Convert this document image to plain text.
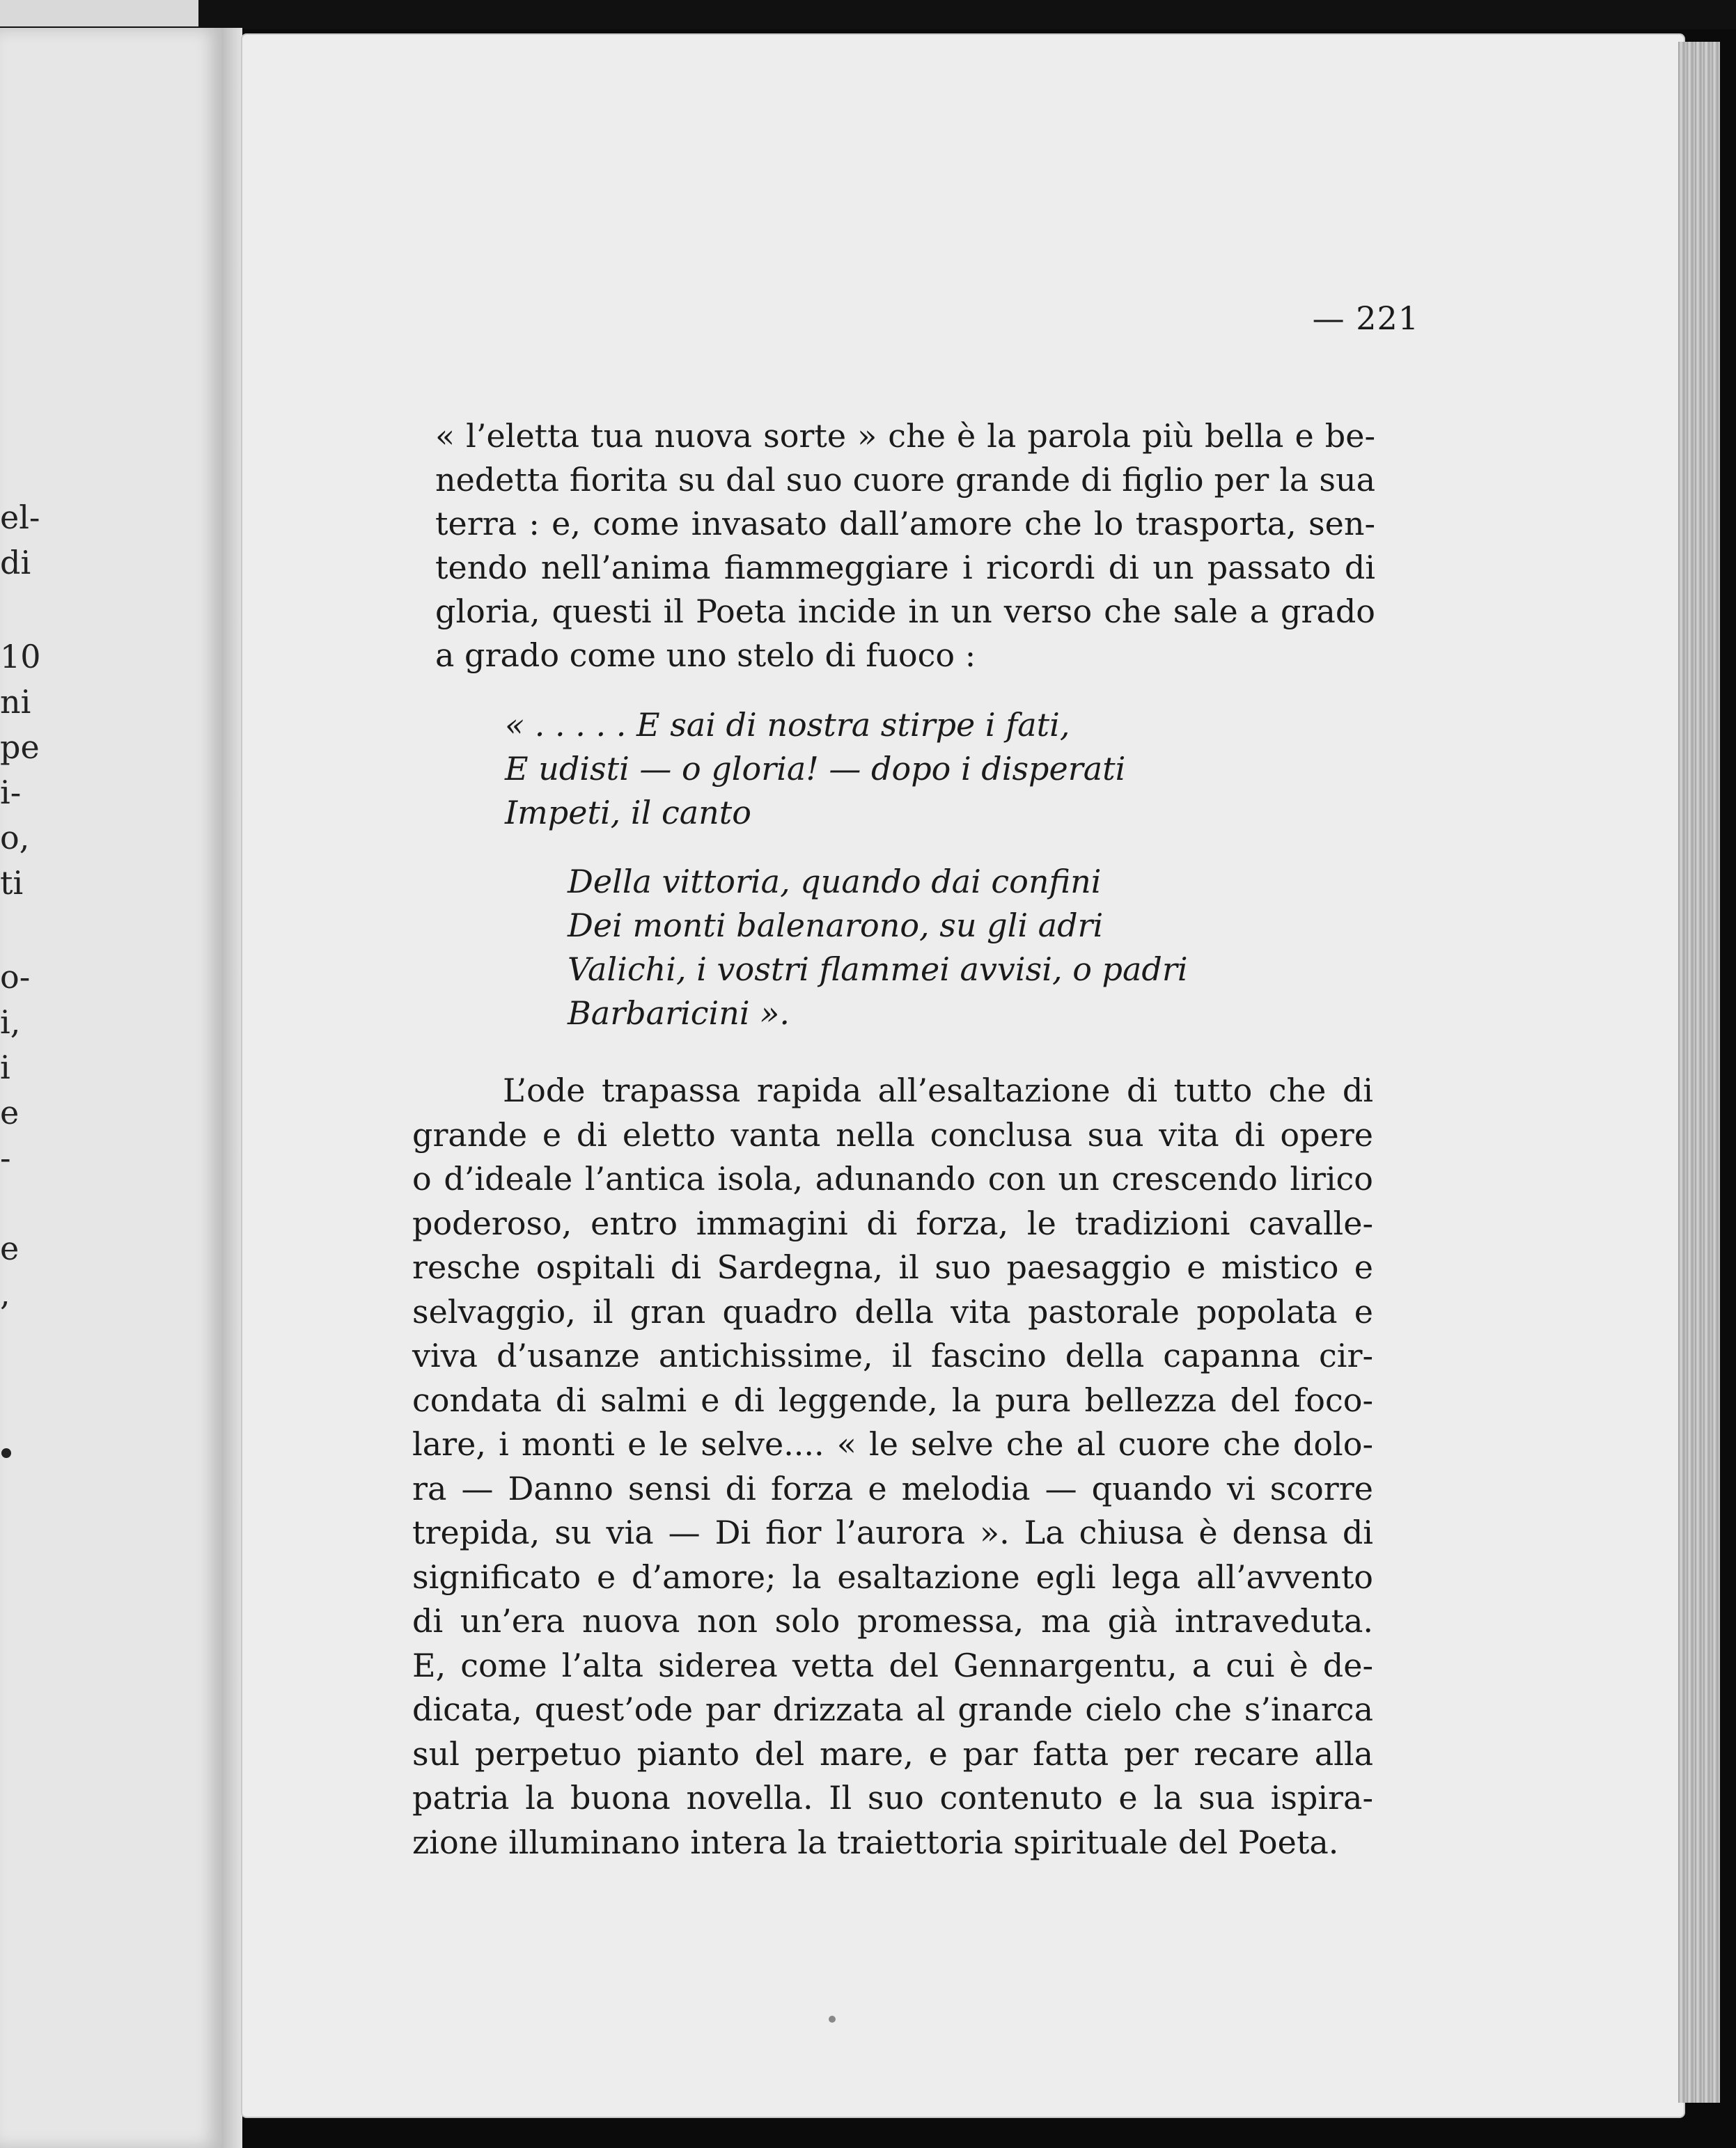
el-
di
10
ni
pe
i-
o,
ti
o-
i,
i
e
-
e
,
— 221
« l’eletta tua nuova sorte » che è la parola più bella e be-
nedetta fiorita su dal suo cuore grande di figlio per la sua
terra : e, come invasato dall’amore che lo trasporta, sen-
tendo nell’anima fiammeggiare i ricordi di un passato di
gloria, questi il Poeta incide in un verso che sale a grado
a grado come uno stelo di fuoco :
« . . . . . E sai di nostra stirpe i fati,
E udisti — o gloria! — dopo i disperati
Impeti, il canto
Della vittoria, quando dai confini
Dei monti balenarono, su gli adri
Valichi, i vostri flammei avvisi, o padri
Barbaricini ».
L’ode trapassa rapida all’esaltazione di tutto che di
grande e di eletto vanta nella conclusa sua vita di opere
o d’ideale l’antica isola, adunando con un crescendo lirico
poderoso, entro immagini di forza, le tradizioni cavalle-
resche ospitali di Sardegna, il suo paesaggio e mistico e
selvaggio, il gran quadro della vita pastorale popolata e
viva d’usanze antichissime, il fascino della capanna cir-
condata di salmi e di leggende, la pura bellezza del foco-
lare, i monti e le selve.... « le selve che al cuore che dolo-
ra — Danno sensi di forza e melodia — quando vi scorre
trepida, su via — Di fior l’aurora ». La chiusa è densa di
significato e d’amore; la esaltazione egli lega all’avvento
di un’era nuova non solo promessa, ma già intraveduta.
E, come l’alta siderea vetta del Gennargentu, a cui è de-
dicata, quest’ode par drizzata al grande cielo che s’inarca
sul perpetuo pianto del mare, e par fatta per recare alla
patria la buona novella. Il suo contenuto e la sua ispira-
zione illuminano intera la traiettoria spirituale del Poeta.
